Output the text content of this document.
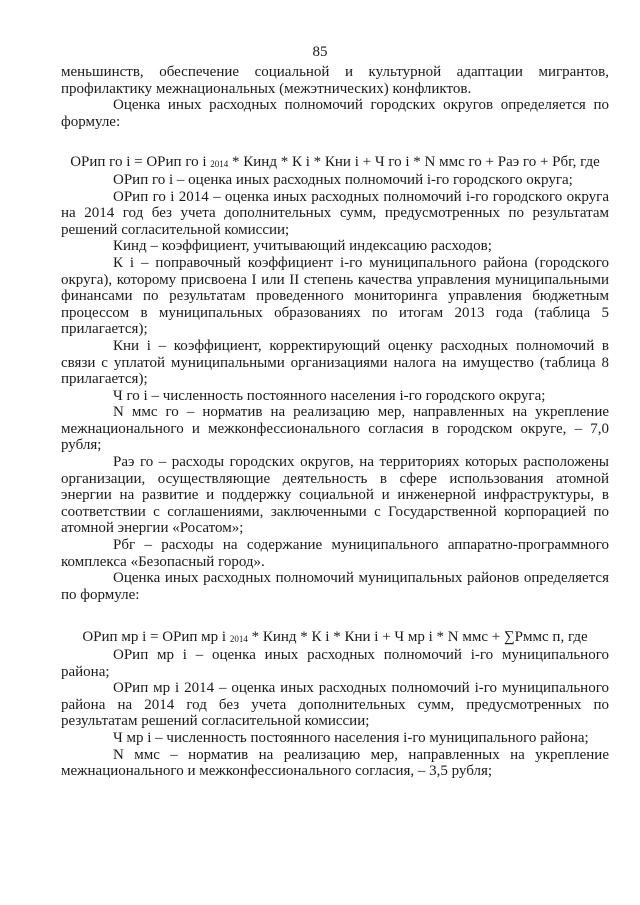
85

меньшинств, обеспечение социальной и культурной адаптации мигрантов, профилактику межнациональных (межэтнических) конфликтов.

Оценка иных расходных полномочий городских округов определяется по формуле:

ОРип го i = ОРип го i $_{2014}$ * Кинд * К i * Кни i + Ч го i * N ммс го + Раэ го + Рбг, где

ОРип го i – оценка иных расходных полномочий i-го городского округа;

ОРип го i 2014 – оценка иных расходных полномочий i-го городского округа на 2014 год без учета дополнительных сумм, предусмотренных по результатам решений согласительной комиссии;

Кинд – коэффициент, учитывающий индексацию расходов;

К i – поправочный коэффициент i-го муниципального района (городского округа), которому присвоена I или II степень качества управления муниципальными финансами по результатам проведенного мониторинга управления бюджетным процессом в муниципальных образованиях по итогам 2013 года (таблица 5 прилагается);

Кни i – коэффициент, корректирующий оценку расходных полномочий в связи с уплатой муниципальными организациями налога на имущество (таблица 8 прилагается);

Ч го i – численность постоянного населения i-го городского округа;

N ммс го – норматив на реализацию мер, направленных на укрепление межнационального и межконфессионального согласия в городском округе, – 7,0 рубля;

Раэ го – расходы городских округов, на территориях которых расположены организации, осуществляющие деятельность в сфере использования атомной энергии на развитие и поддержку социальной и инженерной инфраструктуры, в соответствии с соглашениями, заключенными с Государственной корпорацией по атомной энергии «Росатом»;

Рбг – расходы на содержание муниципального аппаратно-программного комплекса «Безопасный город».

Оценка иных расходных полномочий муниципальных районов определяется по формуле:

ОРип мр i = ОРип мр i $_{2014}$ * Кинд * К i * Кни i + Ч мр i * N ммс + ∑Рммс п, где

ОРип мр i – оценка иных расходных полномочий i-го муниципального района;

ОРип мр i 2014 – оценка иных расходных полномочий i-го муниципального района на 2014 год без учета дополнительных сумм, предусмотренных по результатам решений согласительной комиссии;

Ч мр i – численность постоянного населения i-го муниципального района;

N ммс – норматив на реализацию мер, направленных на укрепление межнационального и межконфессионального согласия, – 3,5 рубля;
